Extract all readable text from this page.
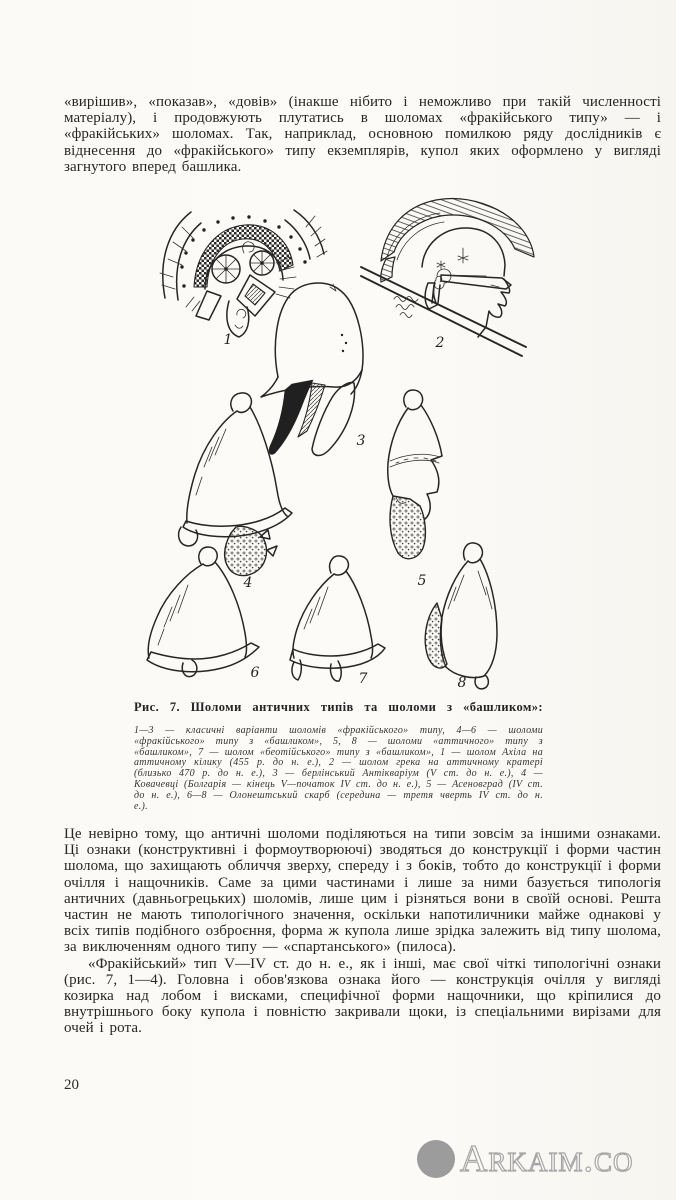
«вирішив», «показав», «довів» (інакше нібито і неможливо при такій численності матеріалу), і продовжують плутатись в шоломах «фракійського типу» — і «фракійських» шоломах. Так, наприклад, основною помилкою ряду дослідників є віднесення до «фракійського» типу екземплярів, купол яких оформлено у вигляді загнутого вперед башлика.
1	2
3
4	5
6	7	8
Рис. 7. Шоломи античних типів та шоломи з «башликом»:
1—3 — класичні варіанти шоломів «фракійського» типу, 4—6 — шоломи «фракійського» типу з «башликом», 5, 8 — шоломи «аттичного» типу з «башликом», 7 — шолом «беотійського» типу з «башликом», 1 — шолом Ахіла на аттичному кілику (455 р. до н. е.), 2 — шолом грека на аттичному кратері (близько 470 р. до н. е.), 3 — берлінський Антікваріум (V ст. до н. е.), 4 — Ковачевці (Болгарія — кінець V—початок IV ст. до н. е.), 5 — Асеновград (IV ст. до н. е.), 6—8 — Олонештський скарб (середина — третя чверть IV ст. до н. е.).

Це невірно тому, що античні шоломи поділяються на типи зовсім за іншими ознаками. Ці ознаки (конструктивні і формоутворюючі) зводяться до конструкції і форми частин шолома, що захищають обличчя зверху, спереду і з боків, тобто до конструкції і форми очілля і нащочників. Саме за цими частинами і лише за ними базується типологія античних (давньогрецьких) шоломів, лише цим і різняться вони в своїй основі. Решта частин не мають типологічного значення, оскільки напотиличники майже однакові у всіх типів подібного озброєння, форма ж купола лише зрідка залежить від типу шолома, за виключенням одного типу — «спартанського» (пилоса).

«Фракійський» тип V—IV ст. до н. е., як і інші, має свої чіткі типологічні ознаки (рис. 7, 1—4). Головна і обов'язкова ознака його — конструкція очілля у вигляді козирка над лобом і висками, специфічної форми нащочники, що кріпилися до внутрішнього боку купола і повністю закривали щоки, із спеціальними вирізами для очей і рота.

20
Arkaim.co
